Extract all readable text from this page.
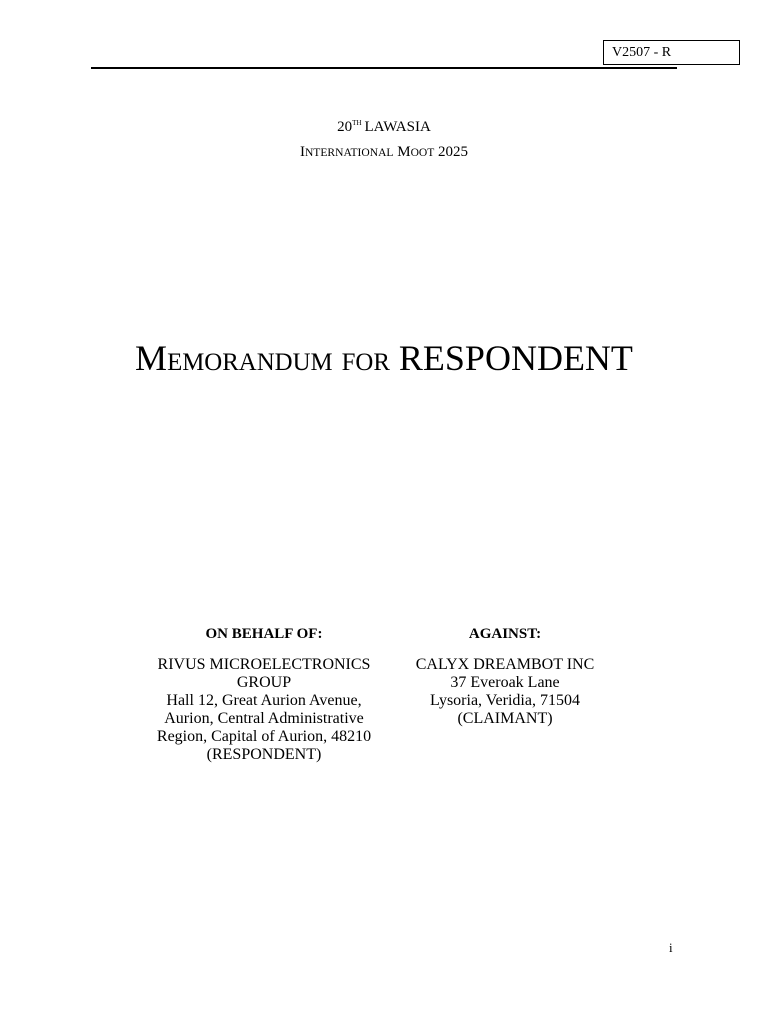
V2507 - R
20TH LAWASIA
INTERNATIONAL MOOT 2025
MEMORANDUM FOR RESPONDENT
ON BEHALF OF:
RIVUS MICROELECTRONICS
GROUP
Hall 12, Great Aurion Avenue,
Aurion, Central Administrative
Region, Capital of Aurion, 48210
(RESPONDENT)
AGAINST:
CALYX DREAMBOT INC
37 Everoak Lane
Lysoria, Veridia, 71504
(CLAIMANT)
i
